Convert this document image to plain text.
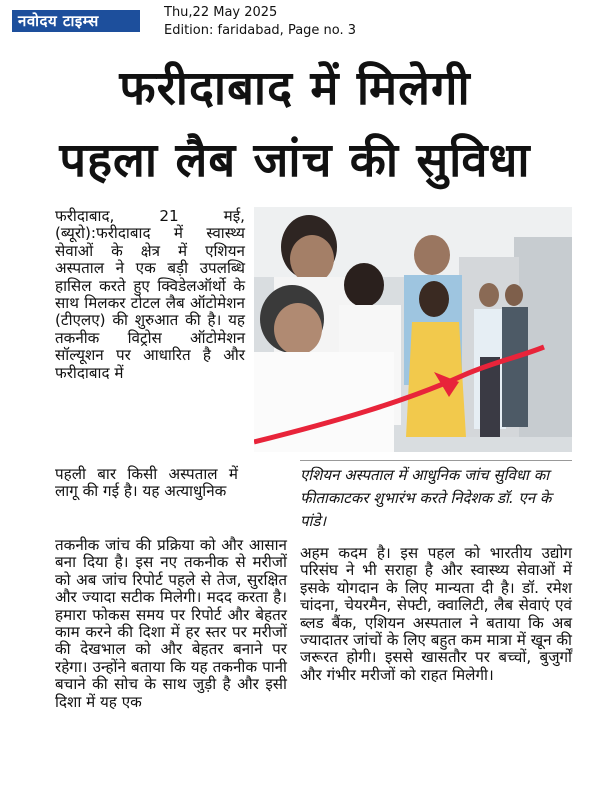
नवोदय टाइम्स	Thu,22 May 2025
Edition: faridabad, Page no. 3
फरीदाबाद में मिलेगी
पहला लैब जांच की सुविधा
फरीदाबाद, 21 मई, (ब्यूरो):फरीदाबाद में स्वास्थ्य सेवाओं के क्षेत्र में एशियन अस्पताल ने एक बड़ी उपलब्धि हासिल करते हुए क्विडेलऑर्थो के साथ मिलकर टोटल लैब ऑटोमेशन (टीएलए) की शुरुआत की है। यह तकनीक विट्रोस ऑटोमेशन सॉल्यूशन पर आधारित है और फरीदाबाद में
पहली बार किसी अस्पताल में लागू की गई है। यह अत्याधुनिक
एशियन अस्पताल में आधुनिक जांच सुविधा का फीताकाटकर शुभारंभ करते निदेशक डॉ. एन के पांडे।
तकनीक जांच की प्रक्रिया को और आसान बना दिया है। इस नए तकनीक से मरीजों को अब जांच रिपोर्ट पहले से तेज, सुरक्षित और ज्यादा सटीक मिलेगी। मदद करता है। हमारा फोकस समय पर रिपोर्ट और बेहतर काम करने की दिशा में हर स्तर पर मरीजों की देखभाल को और बेहतर बनाने पर रहेगा। उन्होंने बताया कि यह तकनीक पानी बचाने की सोच के साथ जुड़ी है और इसी दिशा में यह एक
अहम कदम है। इस पहल को भारतीय उद्योग परिसंघ ने भी सराहा है और स्वास्थ्य सेवाओं में इसके योगदान के लिए मान्यता दी है। डॉ. रमेश चांदना, चेयरमैन, सेफ्टी, क्वालिटी, लैब सेवाएं एवं ब्लड बैंक, एशियन अस्पताल ने बताया कि अब ज्यादातर जांचों के लिए बहुत कम मात्रा में खून की जरूरत होगी। इससे खासतौर पर बच्चों, बुजुर्गों और गंभीर मरीजों को राहत मिलेगी।
